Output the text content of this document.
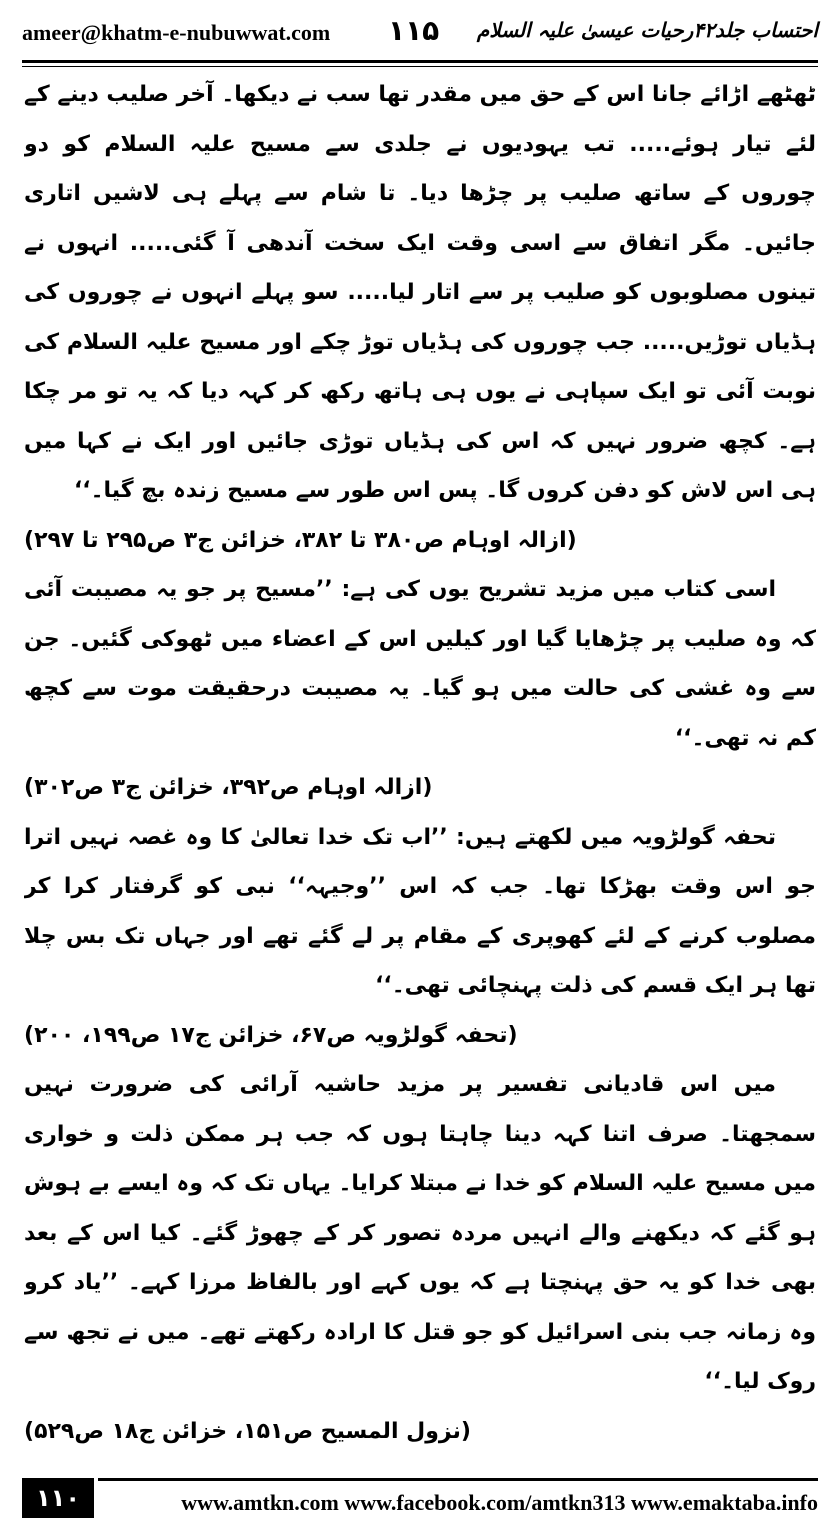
ameer@khatm-e-nubuwwat.com ۱۱۵ احتساب جلد۴۲رحیات عیسیٰ علیہ السلام

ٹھٹھے اڑائے جانا اس کے حق میں مقدر تھا سب نے دیکھا۔ آخر صلیب دینے کے لئے تیار ہوئے..... تب یہودیوں نے جلدی سے مسیح علیہ السلام کو دو چوروں کے ساتھ صلیب پر چڑھا دیا۔ تا شام سے پہلے ہی لاشیں اتاری جائیں۔ مگر اتفاق سے اسی وقت ایک سخت آندھی آ گئی..... انہوں نے تینوں مصلوبوں کو صلیب پر سے اتار لیا..... سو پہلے انہوں نے چوروں کی ہڈیاں توڑیں..... جب چوروں کی ہڈیاں توڑ چکے اور مسیح علیہ السلام کی نوبت آئی تو ایک سپاہی نے یوں ہی ہاتھ رکھ کر کہہ دیا کہ یہ تو مر چکا ہے۔ کچھ ضرور نہیں کہ اس کی ہڈیاں توڑی جائیں اور ایک نے کہا میں ہی اس لاش کو دفن کروں گا۔ پس اس طور سے مسیح زندہ بچ گیا۔‘‘

(ازالہ اوہام ص۳۸۰ تا ۳۸۲، خزائن ج۳ ص۲۹۵ تا ۲۹۷)

اسی کتاب میں مزید تشریح یوں کی ہے: ’’مسیح پر جو یہ مصیبت آئی کہ وہ صلیب پر چڑھایا گیا اور کیلیں اس کے اعضاء میں ٹھوکی گئیں۔ جن سے وہ غشی کی حالت میں ہو گیا۔ یہ مصیبت درحقیقت موت سے کچھ کم نہ تھی۔‘‘

(ازالہ اوہام ص۳۹۲، خزائن ج۳ ص۳۰۲)

تحفہ گولڑویہ میں لکھتے ہیں: ’’اب تک خدا تعالیٰ کا وہ غصہ نہیں اترا جو اس وقت بھڑکا تھا۔ جب کہ اس ’’وجیہہ‘‘ نبی کو گرفتار کرا کر مصلوب کرنے کے لئے کھوپری کے مقام پر لے گئے تھے اور جہاں تک بس چلا تھا ہر ایک قسم کی ذلت پہنچائی تھی۔‘‘

(تحفہ گولڑویہ ص۶۷، خزائن ج۱۷ ص۱۹۹، ۲۰۰)

میں اس قادیانی تفسیر پر مزید حاشیہ آرائی کی ضرورت نہیں سمجھتا۔ صرف اتنا کہہ دینا چاہتا ہوں کہ جب ہر ممکن ذلت و خواری میں مسیح علیہ السلام کو خدا نے مبتلا کرایا۔ یہاں تک کہ وہ ایسے بے ہوش ہو گئے کہ دیکھنے والے انہیں مردہ تصور کر کے چھوڑ گئے۔ کیا اس کے بعد بھی خدا کو یہ حق پہنچتا ہے کہ یوں کہے اور بالفاظ مرزا کہے۔ ’’یاد کرو وہ زمانہ جب بنی اسرائیل کو جو قتل کا ارادہ رکھتے تھے۔ میں نے تجھ سے روک لیا۔‘‘

(نزول المسیح ص۱۵۱، خزائن ج۱۸ ص۵۲۹)

۱۱۰	www.amtkn.com www.facebook.com/amtkn313 www.emaktaba.info
